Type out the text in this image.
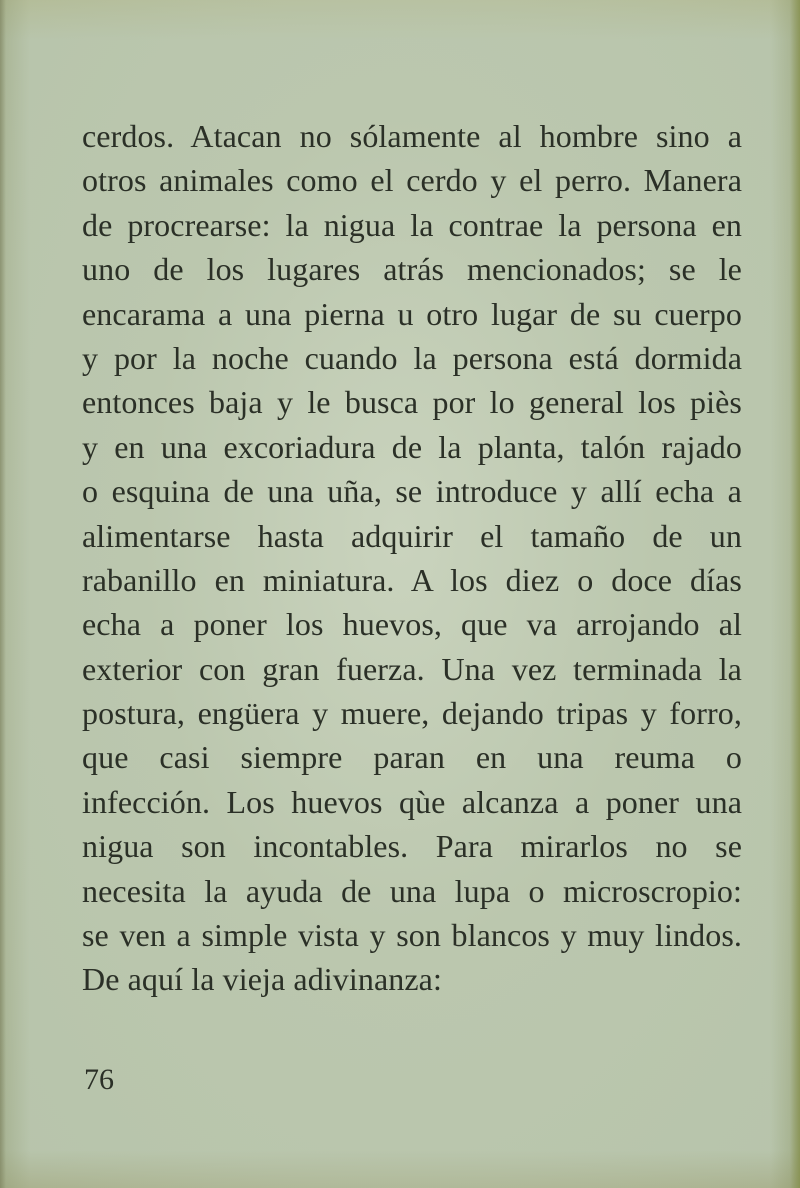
cerdos. Atacan no sólamente al hombre sino a
otros animales como el cerdo y el perro. Manera
de procrearse: la nigua la contrae la persona en
uno de los lugares atrás mencionados; se le
encarama a una pierna u otro lugar de su cuerpo
y por la noche cuando la persona está dormida
entonces baja y le busca por lo general los piès
y en una excoriadura de la planta, talón rajado
o esquina de una uña, se introduce y allí echa a
alimentarse hasta adquirir el tamaño de un
rabanillo en miniatura. A los diez o doce días
echa a poner los huevos, que va arrojando al
exterior con gran fuerza. Una vez terminada la
postura, engüera y muere, dejando tripas y forro,
que casi siempre paran en una reuma o
infección. Los huevos qùe alcanza a poner una
nigua son incontables. Para mirarlos no se
necesita la ayuda de una lupa o microscropio:
se ven a simple vista y son blancos y muy lindos.
De aquí la vieja adivinanza:
76
